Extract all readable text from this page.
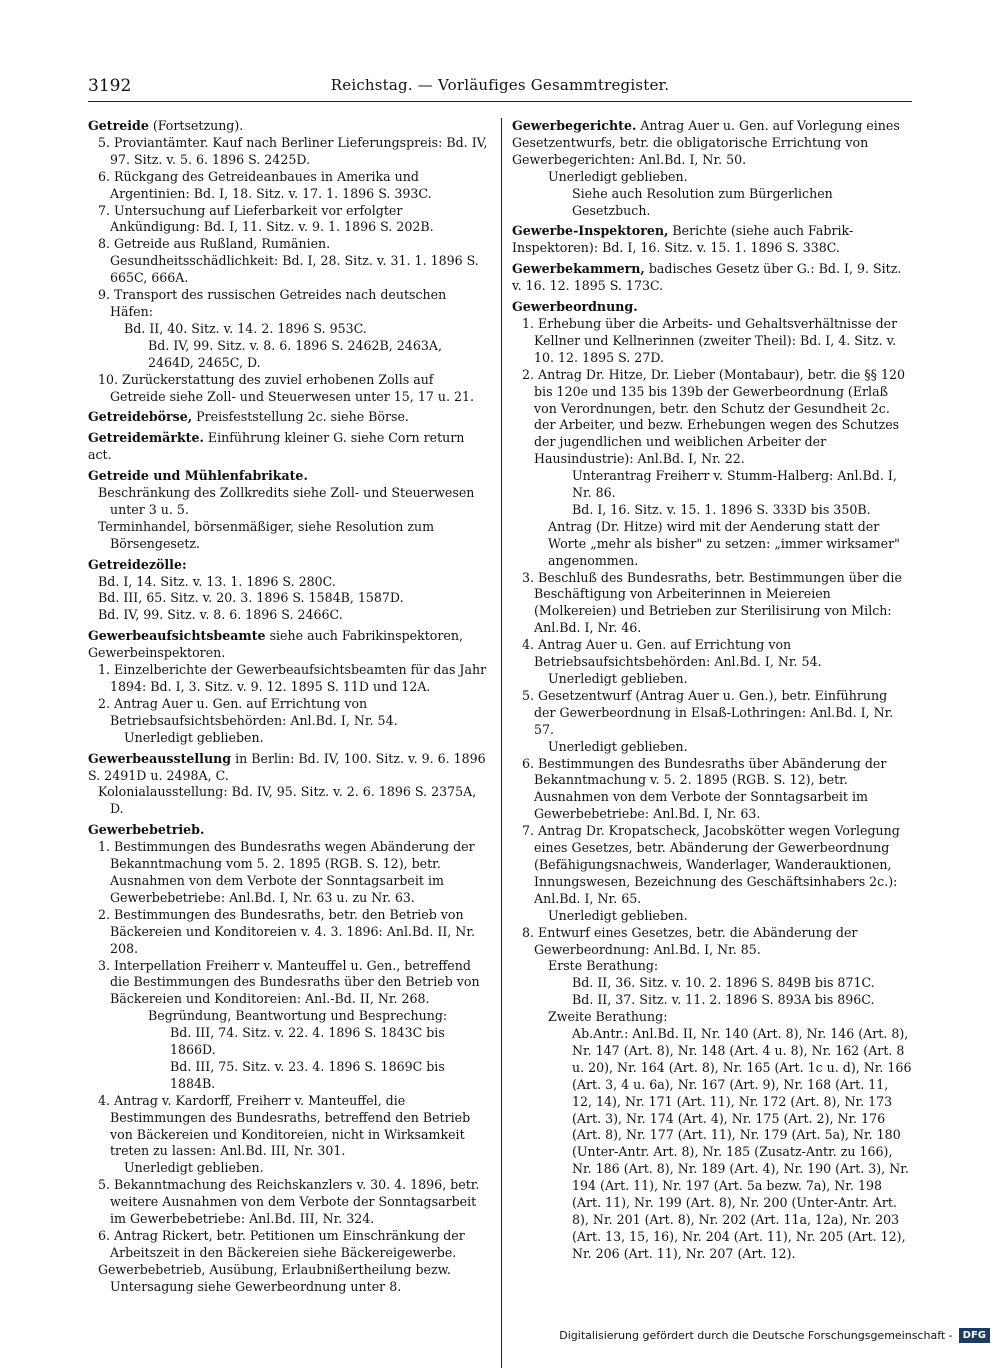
3192	Reichstag. — Vorläufiges Gesammtregister.
Getreide (Fortsetzung).
5. Proviantämter. Kauf nach Berliner Lieferungspreis: Bd. IV, 97. Sitz. v. 5. 6. 1896 S. 2425D.
6. Rückgang des Getreideanbaues in Amerika und Argentinien: Bd. I, 18. Sitz. v. 17. 1. 1896 S. 393C.
7. Untersuchung auf Lieferbarkeit vor erfolgter Ankündigung: Bd. I, 11. Sitz. v. 9. 1. 1896 S. 202B.
8. Getreide aus Rußland, Rumänien. Gesundheitsschädlichkeit: Bd. I, 28. Sitz. v. 31. 1. 1896 S. 665C, 666A.
9. Transport des russischen Getreides nach deutschen Häfen:
Bd. II, 40. Sitz. v. 14. 2. 1896 S. 953C.
Bd. IV, 99. Sitz. v. 8. 6. 1896 S. 2462B, 2463A, 2464D, 2465C, D.
10. Zurückerstattung des zuviel erhobenen Zolls auf Getreide siehe Zoll- und Steuerwesen unter 15, 17 u. 21.
Getreidebörse, Preisfeststellung 2c. siehe Börse.
Getreidemärkte. Einführung kleiner G. siehe Corn return act.
Getreide und Mühlenfabrikate.
Beschränkung des Zollkredits siehe Zoll- und Steuerwesen unter 3 u. 5.
Terminhandel, börsenmäßiger, siehe Resolution zum Börsengesetz.
Getreidezölle:
Bd. I, 14. Sitz. v. 13. 1. 1896 S. 280C.
Bd. III, 65. Sitz. v. 20. 3. 1896 S. 1584B, 1587D.
Bd. IV, 99. Sitz. v. 8. 6. 1896 S. 2466C.
Gewerbeaufsichtsbeamte siehe auch Fabrikinspektoren, Gewerbeinspektoren.
1. Einzelberichte der Gewerbeaufsichtsbeamten für das Jahr 1894: Bd. I, 3. Sitz. v. 9. 12. 1895 S. 11D und 12A.
2. Antrag Auer u. Gen. auf Errichtung von Betriebsaufsichtsbehörden: Anl.Bd. I, Nr. 54.
Unerledigt geblieben.
Gewerbeausstellung in Berlin: Bd. IV, 100. Sitz. v. 9. 6. 1896 S. 2491D u. 2498A, C.
Kolonialausstellung: Bd. IV, 95. Sitz. v. 2. 6. 1896 S. 2375A, D.
Gewerbebetrieb.
1. Bestimmungen des Bundesraths wegen Abänderung der Bekanntmachung vom 5. 2. 1895 (RGB. S. 12), betr. Ausnahmen von dem Verbote der Sonntagsarbeit im Gewerbebetriebe: Anl.Bd. I, Nr. 63 u. zu Nr. 63.
2. Bestimmungen des Bundesraths, betr. den Betrieb von Bäckereien und Konditoreien v. 4. 3. 1896: Anl.Bd. II, Nr. 208.
3. Interpellation Freiherr v. Manteuffel u. Gen., betreffend die Bestimmungen des Bundesraths über den Betrieb von Bäckereien und Konditoreien: Anl.-Bd. II, Nr. 268.
Begründung, Beantwortung und Besprechung:
Bd. III, 74. Sitz. v. 22. 4. 1896 S. 1843C bis 1866D.
Bd. III, 75. Sitz. v. 23. 4. 1896 S. 1869C bis 1884B.
4. Antrag v. Kardorff, Freiherr v. Manteuffel, die Bestimmungen des Bundesraths, betreffend den Betrieb von Bäckereien und Konditoreien, nicht in Wirksamkeit treten zu lassen: Anl.Bd. III, Nr. 301.
Unerledigt geblieben.
5. Bekanntmachung des Reichskanzlers v. 30. 4. 1896, betr. weitere Ausnahmen von dem Verbote der Sonntagsarbeit im Gewerbebetriebe: Anl.Bd. III, Nr. 324.
6. Antrag Rickert, betr. Petitionen um Einschränkung der Arbeitszeit in den Bäckereien siehe Bäckereigewerbe.
Gewerbebetrieb, Ausübung, Erlaubnißertheilung bezw. Untersagung siehe Gewerbeordnung unter 8.
Gewerbegerichte. Antrag Auer u. Gen. auf Vorlegung eines Gesetzentwurfs, betr. die obligatorische Errichtung von Gewerbegerichten: Anl.Bd. I, Nr. 50.
Unerledigt geblieben.
Siehe auch Resolution zum Bürgerlichen Gesetzbuch.
Gewerbe-Inspektoren, Berichte (siehe auch Fabrik-Inspektoren): Bd. I, 16. Sitz. v. 15. 1. 1896 S. 338C.
Gewerbekammern, badisches Gesetz über G.: Bd. I, 9. Sitz. v. 16. 12. 1895 S. 173C.
Gewerbeordnung.
1. Erhebung über die Arbeits- und Gehaltsverhältnisse der Kellner und Kellnerinnen (zweiter Theil): Bd. I, 4. Sitz. v. 10. 12. 1895 S. 27D.
2. Antrag Dr. Hitze, Dr. Lieber (Montabaur), betr. die §§ 120 bis 120e und 135 bis 139b der Gewerbeordnung (Erlaß von Verordnungen, betr. den Schutz der Gesundheit 2c. der Arbeiter, und bezw. Erhebungen wegen des Schutzes der jugendlichen und weiblichen Arbeiter der Hausindustrie): Anl.Bd. I, Nr. 22.
Unterantrag Freiherr v. Stumm-Halberg: Anl.Bd. I, Nr. 86.
Bd. I, 16. Sitz. v. 15. 1. 1896 S. 333D bis 350B.
Antrag (Dr. Hitze) wird mit der Aenderung statt der Worte „mehr als bisher" zu setzen: „immer wirksamer" angenommen.
3. Beschluß des Bundesraths, betr. Bestimmungen über die Beschäftigung von Arbeiterinnen in Meiereien (Molkereien) und Betrieben zur Sterilisirung von Milch: Anl.Bd. I, Nr. 46.
4. Antrag Auer u. Gen. auf Errichtung von Betriebsaufsichtsbehörden: Anl.Bd. I, Nr. 54.
Unerledigt geblieben.
5. Gesetzentwurf (Antrag Auer u. Gen.), betr. Einführung der Gewerbeordnung in Elsaß-Lothringen: Anl.Bd. I, Nr. 57.
Unerledigt geblieben.
6. Bestimmungen des Bundesraths über Abänderung der Bekanntmachung v. 5. 2. 1895 (RGB. S. 12), betr. Ausnahmen von dem Verbote der Sonntagsarbeit im Gewerbebetriebe: Anl.Bd. I, Nr. 63.
7. Antrag Dr. Kropatscheck, Jacobskötter wegen Vorlegung eines Gesetzes, betr. Abänderung der Gewerbeordnung (Befähigungsnachweis, Wanderlager, Wanderauktionen, Innungswesen, Bezeichnung des Geschäftsinhabers 2c.): Anl.Bd. I, Nr. 65.
Unerledigt geblieben.
8. Entwurf eines Gesetzes, betr. die Abänderung der Gewerbeordnung: Anl.Bd. I, Nr. 85.
Erste Berathung:
Bd. II, 36. Sitz. v. 10. 2. 1896 S. 849B bis 871C.
Bd. II, 37. Sitz. v. 11. 2. 1896 S. 893A bis 896C.
Zweite Berathung:
Ab.Antr.: Anl.Bd. II, Nr. 140 (Art. 8), Nr. 146 (Art. 8), Nr. 147 (Art. 8), Nr. 148 (Art. 4 u. 8), Nr. 162 (Art. 8 u. 20), Nr. 164 (Art. 8), Nr. 165 (Art. 1c u. d), Nr. 166 (Art. 3, 4 u. 6a), Nr. 167 (Art. 9), Nr. 168 (Art. 11, 12, 14), Nr. 171 (Art. 11), Nr. 172 (Art. 8), Nr. 173 (Art. 3), Nr. 174 (Art. 4), Nr. 175 (Art. 2), Nr. 176 (Art. 8), Nr. 177 (Art. 11), Nr. 179 (Art. 5a), Nr. 180 (Unter-Antr. Art. 8), Nr. 185 (Zusatz-Antr. zu 166), Nr. 186 (Art. 8), Nr. 189 (Art. 4), Nr. 190 (Art. 3), Nr. 194 (Art. 11), Nr. 197 (Art. 5a bezw. 7a), Nr. 198 (Art. 11), Nr. 199 (Art. 8), Nr. 200 (Unter-Antr. Art. 8), Nr. 201 (Art. 8), Nr. 202 (Art. 11a, 12a), Nr. 203 (Art. 13, 15, 16), Nr. 204 (Art. 11), Nr. 205 (Art. 12), Nr. 206 (Art. 11), Nr. 207 (Art. 12).
Digitalisierung gefördert durch die Deutsche Forschungsgemeinschaft -	DFG
